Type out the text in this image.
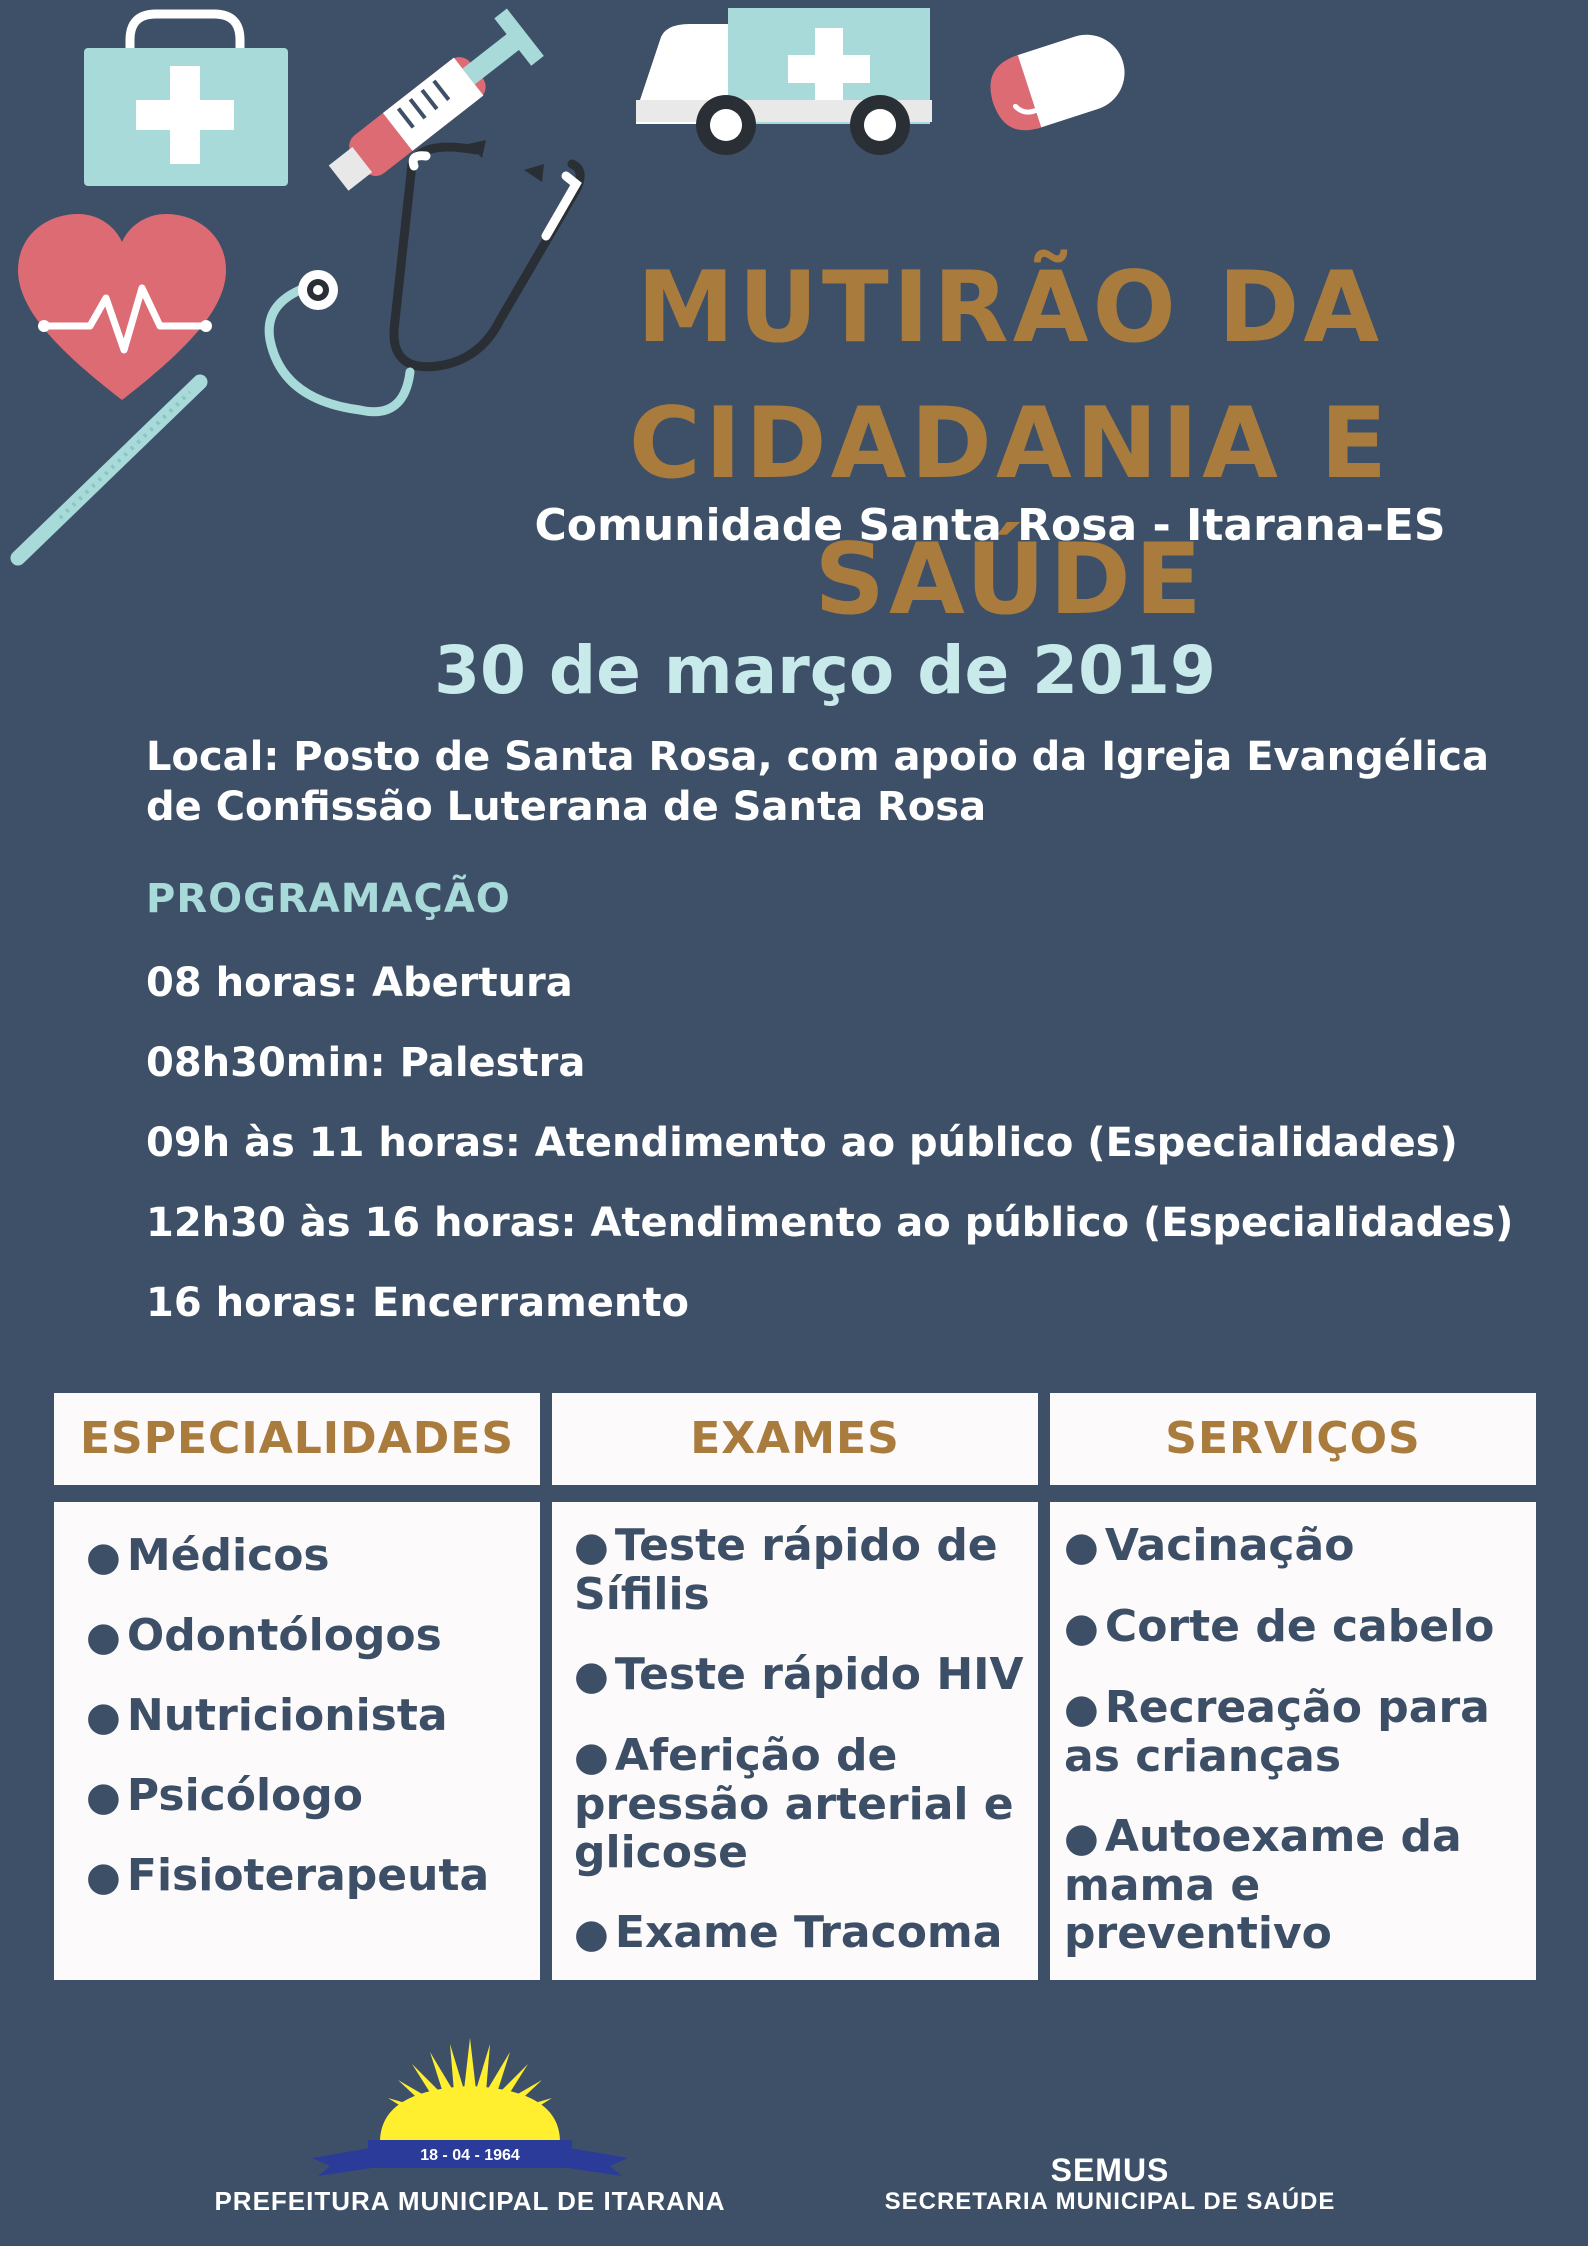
MUTIRÃO DA
CIDADANIA E SAÚDE
Comunidade Santa Rosa - Itarana-ES
30 de março de 2019
Local: Posto de Santa Rosa, com apoio da Igreja Evangélica de Confissão Luterana de Santa Rosa
PROGRAMAÇÃO
08 horas: Abertura
08h30min: Palestra
09h às 11 horas: Atendimento ao público (Especialidades)
12h30 às 16 horas: Atendimento ao público (Especialidades)
16 horas: Encerramento
ESPECIALIDADES	EXAMES	SERVIÇOS
● Médicos
● Odontólogos
● Nutricionista
● Psicólogo
● Fisioterapeuta
● Teste rápido de Sífilis
● Teste rápido HIV
● Aferição de pressão arterial e glicose
● Exame Tracoma
● Vacinação
● Corte de cabelo
● Recreação para as crianças
● Autoexame da mama e preventivo
18 - 04 - 1964
PREFEITURA MUNICIPAL DE ITARANA
SEMUS
SECRETARIA MUNICIPAL DE SAÚDE
